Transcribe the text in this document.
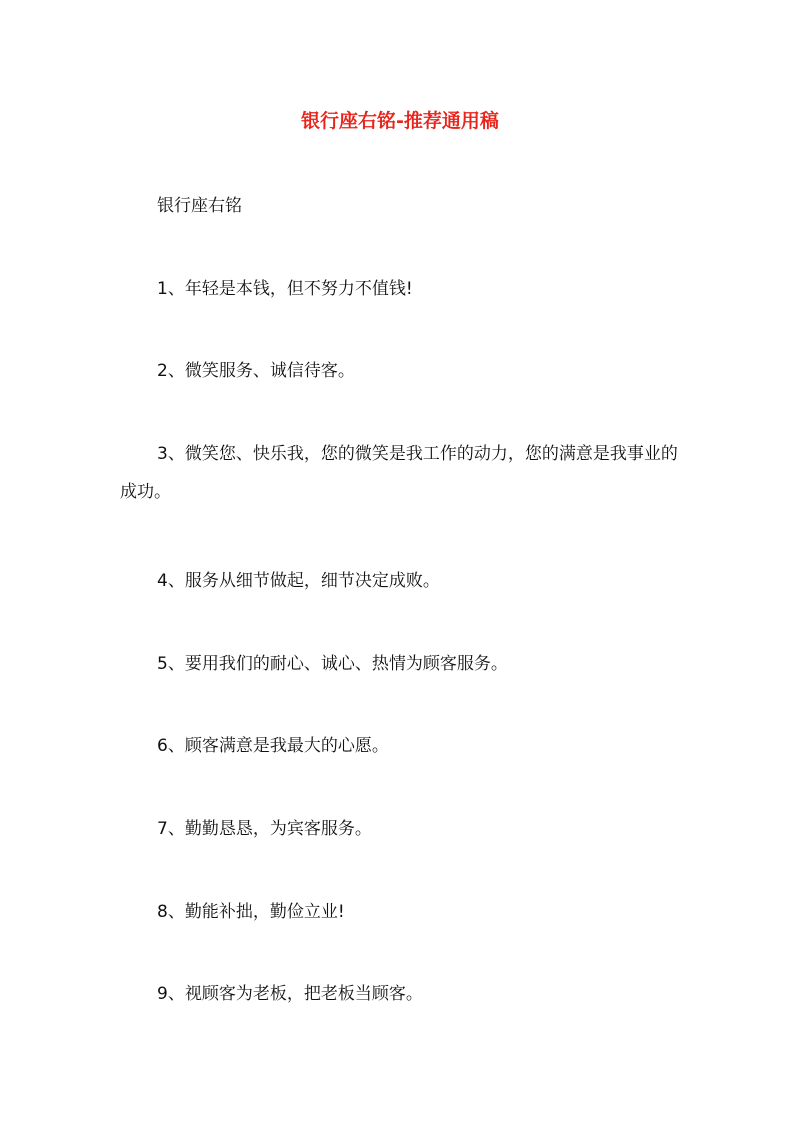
银行座右铭-推荐通用稿

银行座右铭

1、年轻是本钱，但不努力不值钱!

2、微笑服务、诚信待客。

3、微笑您、快乐我，您的微笑是我工作的动力，您的满意是我事业的成功。

4、服务从细节做起，细节决定成败。

5、要用我们的耐心、诚心、热情为顾客服务。

6、顾客满意是我最大的心愿。

7、勤勤恳恳，为宾客服务。

8、勤能补拙，勤俭立业!

9、视顾客为老板，把老板当顾客。
